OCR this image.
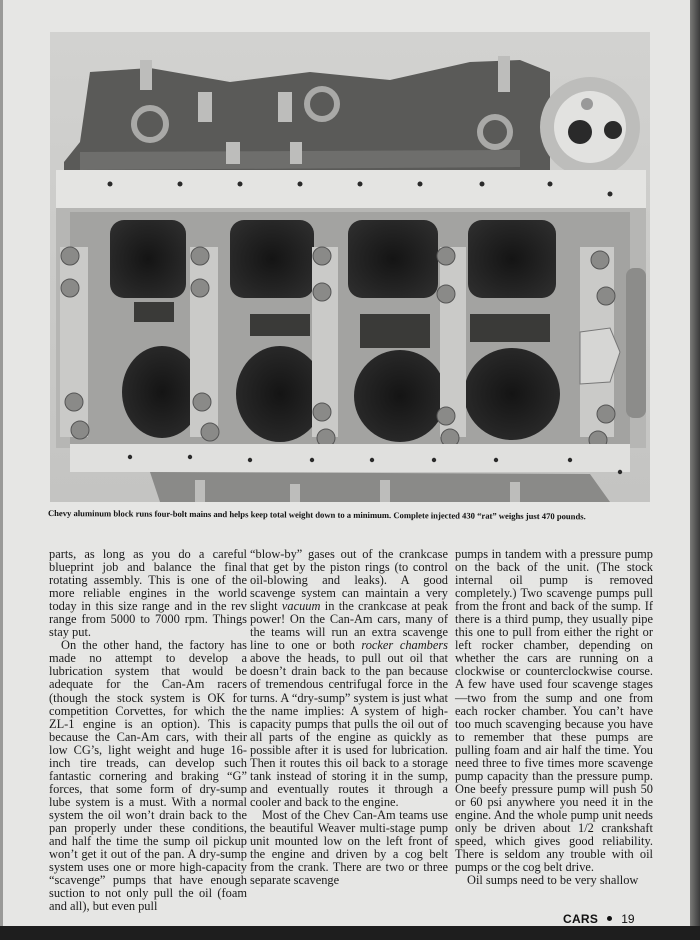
Chevy aluminum block runs four-bolt mains and helps keep total weight down to a minimum. Complete injected 430 “rat” weighs just 470 pounds.

parts, as long as you do a careful blueprint job and balance the final rotating assembly. This is one of the more reliable engines in the world today in this size range and in the rev range from 5000 to 7000 rpm. Things stay put.

On the other hand, the factory has made no attempt to develop a lubrication system that would be adequate for the Can-Am racers (though the stock system is OK for competition Corvettes, for which the ZL-1 engine is an option). This is because the Can-Am cars, with their low CG’s, light weight and huge 16-inch tire treads, can develop such fantastic cornering and braking “G” forces, that some form of dry-sump lube system is a must. With a normal system the oil won’t drain back to the pan properly under these conditions, and half the time the sump oil pickup won’t get it out of the pan. A dry-sump system uses one or more high-capacity “scavenge” pumps that have enough suction to not only pull the oil (foam and all), but even pull

“blow-by” gases out of the crankcase that get by the piston rings (to control oil-blowing and leaks). A good scavenge system can maintain a very slight vacuum in the crankcase at peak power! On the Can-Am cars, many of the teams will run an extra scavenge line to one or both rocker chambers above the heads, to pull out oil that doesn’t drain back to the pan because of tremendous centrifugal force in the turns. A “dry-sump” system is just what the name implies: A system of high-capacity pumps that pulls the oil out of all parts of the engine as quickly as possible after it is used for lubrication. Then it routes this oil back to a storage tank instead of storing it in the sump, and eventually routes it through a cooler and back to the engine.

Most of the Chev Can-Am teams use the beautiful Weaver multi-stage pump unit mounted low on the left front of the engine and driven by a cog belt from the crank. There are two or three separate scavenge

pumps in tandem with a pressure pump on the back of the unit. (The stock internal oil pump is removed completely.) Two scavenge pumps pull from the front and back of the sump. If there is a third pump, they usually pipe this one to pull from either the right or left rocker chamber, depending on whether the cars are running on a clockwise or counterclockwise course. A few have used four scavenge stages—two from the sump and one from each rocker chamber. You can’t have too much scavenging because you have to remember that these pumps are pulling foam and air half the time. You need three to five times more scavenge pump capacity than the pressure pump. One beefy pressure pump will push 50 or 60 psi anywhere you need it in the engine. And the whole pump unit needs only be driven about 1/2 crankshaft speed, which gives good reliability. There is seldom any trouble with oil pumps or the cog belt drive.

Oil sumps need to be very shallow

CARS 19
